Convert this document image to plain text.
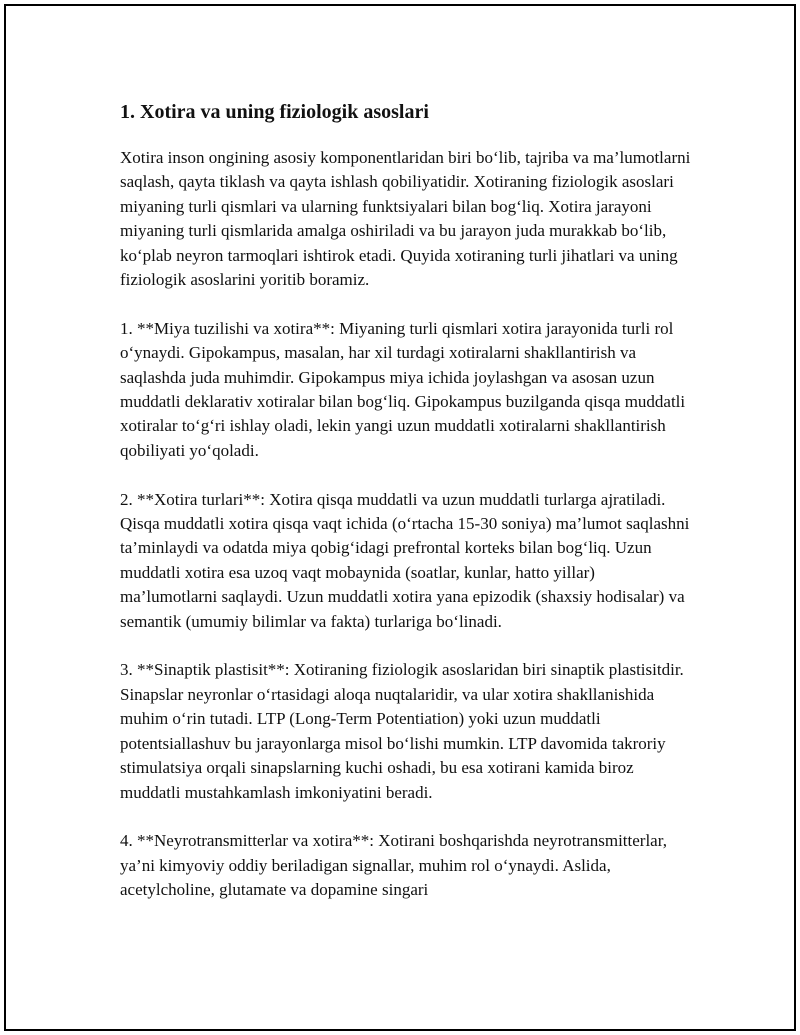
1. Xotira va uning fiziologik asoslari

Xotira inson ongining asosiy komponentlaridan biri bo‘lib, tajriba va ma’lumotlarni saqlash, qayta tiklash va qayta ishlash qobiliyatidir. Xotiraning fiziologik asoslari miyaning turli qismlari va ularning funktsiyalari bilan bog‘liq. Xotira jarayoni miyaning turli qismlarida amalga oshiriladi va bu jarayon juda murakkab bo‘lib, ko‘plab neyron tarmoqlari ishtirok etadi. Quyida xotiraning turli jihatlari va uning fiziologik asoslarini yoritib boramiz.

1. **Miya tuzilishi va xotira**: Miyaning turli qismlari xotira jarayonida turli rol o‘ynaydi. Gipokampus, masalan, har xil turdagi xotiralarni shakllantirish va saqlashda juda muhimdir. Gipokampus miya ichida joylashgan va asosan uzun muddatli deklarativ xotiralar bilan bog‘liq. Gipokampus buzilganda qisqa muddatli xotiralar to‘g‘ri ishlay oladi, lekin yangi uzun muddatli xotiralarni shakllantirish qobiliyati yo‘qoladi.

2. **Xotira turlari**: Xotira qisqa muddatli va uzun muddatli turlarga ajratiladi. Qisqa muddatli xotira qisqa vaqt ichida (o‘rtacha 15-30 soniya) ma’lumot saqlashni ta’minlaydi va odatda miya qobig‘idagi prefrontal korteks bilan bog‘liq. Uzun muddatli xotira esa uzoq vaqt mobaynida (soatlar, kunlar, hatto yillar) ma’lumotlarni saqlaydi. Uzun muddatli xotira yana epizodik (shaxsiy hodisalar) va semantik (umumiy bilimlar va fakta) turlariga bo‘linadi.

3. **Sinaptik plastisit**: Xotiraning fiziologik asoslaridan biri sinaptik plastisitdir. Sinapslar neyronlar o‘rtasidagi aloqa nuqtalaridir, va ular xotira shakllanishida muhim o‘rin tutadi. LTP (Long-Term Potentiation) yoki uzun muddatli potentsiallashuv bu jarayonlarga misol bo‘lishi mumkin. LTP davomida takroriy stimulatsiya orqali sinapslarning kuchi oshadi, bu esa xotirani kamida biroz muddatli mustahkamlash imkoniyatini beradi.

4. **Neyrotransmitterlar va xotira**: Xotirani boshqarishda neyrotransmitterlar, ya’ni kimyoviy oddiy beriladigan signallar, muhim rol o‘ynaydi. Aslida, acetylcholine, glutamate va dopamine singari
